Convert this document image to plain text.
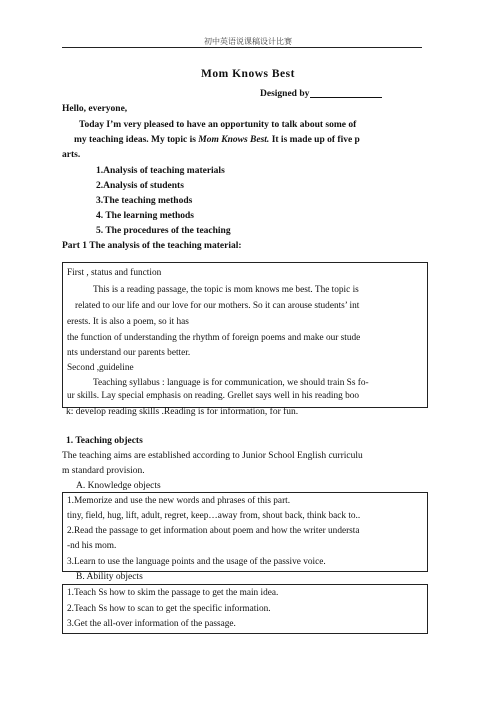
初中英语说课稿设计比赛
Mom Knows Best
Designed by
Hello, everyone,
Today I’m very pleased to have an opportunity to talk about some of
my teaching ideas. My topic is Mom Knows Best. It is made up of five p
arts.
1.Analysis of teaching materials
2.Analysis of students
3.The teaching methods
4. The learning methods
5. The procedures of the teaching
Part 1 The analysis of the teaching material:
First , status and function
This is a reading passage, the topic is mom knows me best. The topic is
related to our life and our love for our mothers. So it can arouse students’ int
erests. It is also a poem, so it has
the function of understanding the rhythm of foreign poems and make our stude
nts understand our parents better.
Second ,guideline
Teaching syllabus : language is for communication, we should train Ss fo-
ur skills. Lay special emphasis on reading. Grellet says well in his reading boo
k: develop reading skills .Reading is for information, for fun.
1. Teaching objects
The teaching aims are established according to Junior School English curriculu
m standard provision.
A. Knowledge objects
1.Memorize and use the new words and phrases of this part.
tiny, field, hug, lift, adult, regret, keep…away from, shout back, think back to..
2.Read the passage to get information about poem and how the writer understa
-nd his mom.
3.Learn to use the language points and the usage of the passive voice.
B. Ability objects
1.Teach Ss how to skim the passage to get the main idea.
2.Teach Ss how to scan to get the specific information.
3.Get the all-over information of the passage.
